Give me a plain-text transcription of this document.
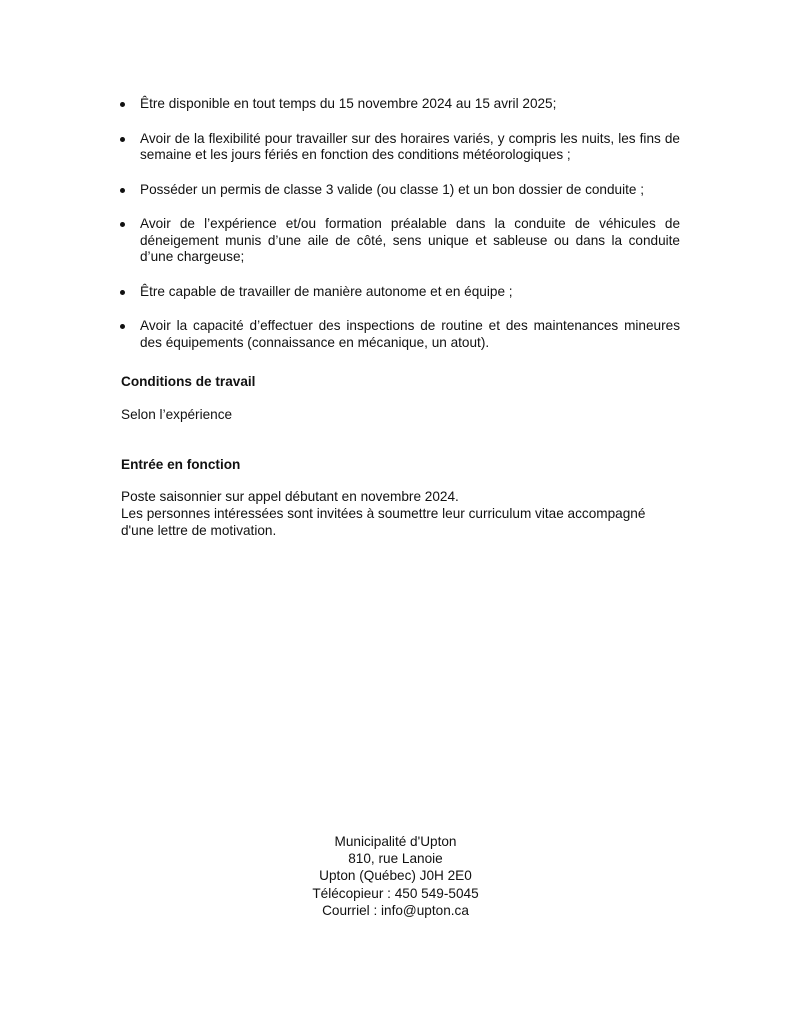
Être disponible en tout temps du 15 novembre 2024 au 15 avril 2025;
Avoir de la flexibilité pour travailler sur des horaires variés, y compris les nuits, les fins de semaine et les jours fériés en fonction des conditions météorologiques ;
Posséder un permis de classe 3 valide (ou classe 1) et un bon dossier de conduite ;
Avoir de l’expérience et/ou formation préalable dans la conduite de véhicules de déneigement munis d’une aile de côté, sens unique et sableuse ou dans la conduite d’une chargeuse;
Être capable de travailler de manière autonome et en équipe ;
Avoir la capacité d’effectuer des inspections de routine et des maintenances mineures des équipements (connaissance en mécanique, un atout).

Conditions de travail

Selon l’expérience

Entrée en fonction

Poste saisonnier sur appel débutant en novembre 2024.

Les personnes intéressées sont invitées à soumettre leur curriculum vitae accompagné d'une lettre de motivation.

Municipalité d'Upton
810, rue Lanoie
Upton (Québec) J0H 2E0
Télécopieur : 450 549-5045
Courriel : info@upton.ca
